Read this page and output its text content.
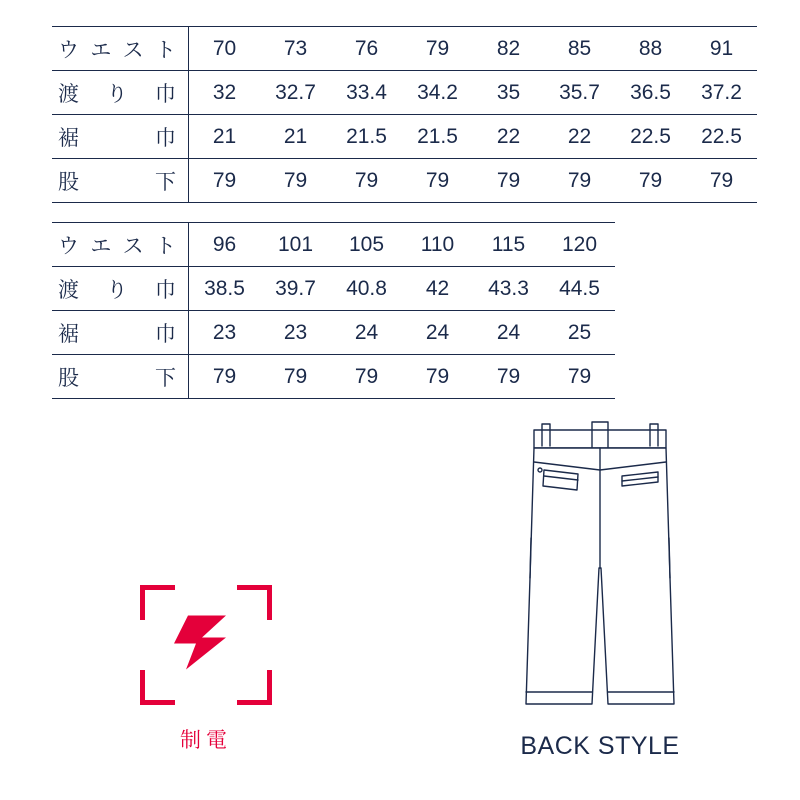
ウ エ ス ト	70	73	76	79	82	85	88	91

渡 り 巾	32	32.7	33.4	34.2	35	35.7	36.5	37.2

裾 巾	21	21	21.5	21.5	22	22	22.5	22.5

股 下	79	79	79	79	79	79	79	79
ウ エ ス ト	96	101	105	110	115	120		

渡 り 巾	38.5	39.7	40.8	42	43.3	44.5		

裾 巾	23	23	24	24	24	25		

股 下	79	79	79	79	79	79		
制電	BACK STYLE
